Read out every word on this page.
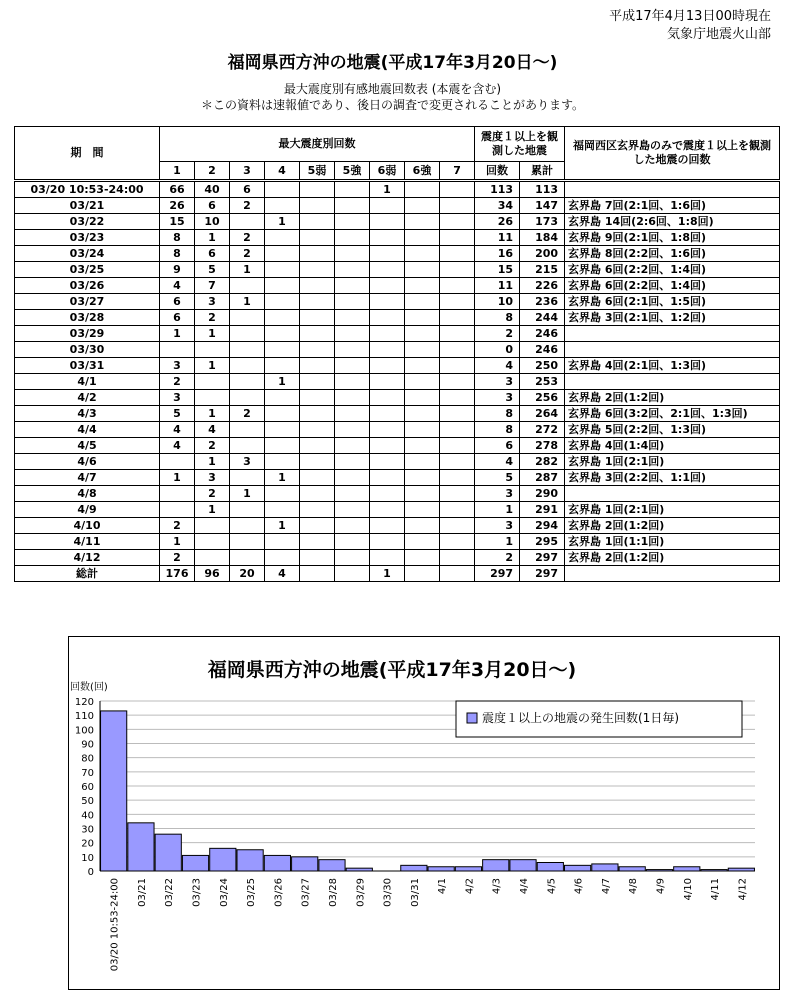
平成17年4月13日00時現在
気象庁地震火山部
福岡県西方沖の地震(平成17年3月20日～)
最大震度別有感地震回数表 (本震を含む)
＊この資料は速報値であり、後日の調査で変更されることがあります。
期　間	最大震度別回数									震度１以上を観測した地震		福岡西区玄界島のみで震度１以上を観測した地震の回数
	1	2	3	4	5弱	5強	6弱	6強	7	回数	累計	
03/20 10:53-24:00	66	40	6				1			113	113	
03/21	26	6	2							34	147	玄界島 7回(2:1回、1:6回)
03/22	15	10		1						26	173	玄界島 14回(2:6回、1:8回)
03/23	8	1	2							11	184	玄界島 9回(2:1回、1:8回)
03/24	8	6	2							16	200	玄界島 8回(2:2回、1:6回)
03/25	9	5	1							15	215	玄界島 6回(2:2回、1:4回)
03/26	4	7								11	226	玄界島 6回(2:2回、1:4回)
03/27	6	3	1							10	236	玄界島 6回(2:1回、1:5回)
03/28	6	2								8	244	玄界島 3回(2:1回、1:2回)
03/29	1	1								2	246	
03/30										0	246	
03/31	3	1								4	250	玄界島 4回(2:1回、1:3回)
4/1	2			1						3	253	
4/2	3									3	256	玄界島 2回(1:2回)
4/3	5	1	2							8	264	玄界島 6回(3:2回、2:1回、1:3回)
4/4	4	4								8	272	玄界島 5回(2:2回、1:3回)
4/5	4	2								6	278	玄界島 4回(1:4回)
4/6		1	3							4	282	玄界島 1回(2:1回)
4/7	1	3		1						5	287	玄界島 3回(2:2回、1:1回)
4/8		2	1							3	290	
4/9		1								1	291	玄界島 1回(2:1回)
4/10	2			1						3	294	玄界島 2回(1:2回)
4/11	1									1	295	玄界島 1回(1:1回)
4/12	2									2	297	玄界島 2回(1:2回)
総計	176	96	20	4			1			297	297	
福岡県西方沖の地震(平成17年3月20日～)
回数(回)
0
10
20
30
40
50
60
70
80
90
100
110
120
03/20 10:53-24:00 03/21 03/22 03/23 03/24 03/25 03/26 03/27 03/28 03/29 03/30 03/31 4/1 4/2 4/3 4/4 4/5 4/6 4/7 4/8 4/9 4/10 4/11 4/12
震度１以上の地震の発生回数(1日毎)
